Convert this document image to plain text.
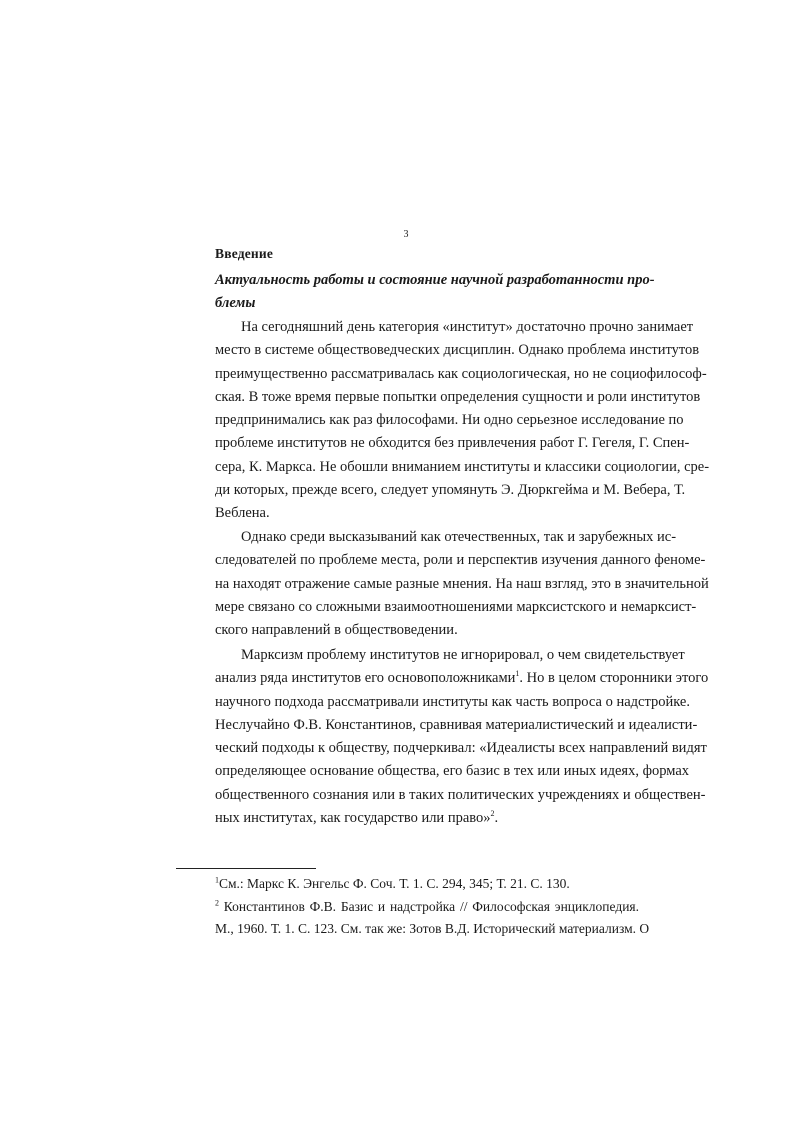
3
Введение
Актуальность работы и состояние научной разработанности про-
блемы
На сегодняшний день категория «институт» достаточно прочно занимает
место в системе обществоведческих дисциплин. Однако проблема институтов
преимущественно рассматривалась как социологическая, но не социофилософ-
ская. В тоже время первые попытки определения сущности и роли институтов
предпринимались как раз философами. Ни одно серьезное исследование по
проблеме институтов не обходится без привлечения работ Г. Гегеля, Г. Спен-
сера, К. Маркса. Не обошли вниманием институты и классики социологии, сре-
ди которых, прежде всего, следует упомянуть Э. Дюркгейма и М. Вебера, Т.
Веблена.
Однако среди высказываний как отечественных, так и зарубежных ис-
следователей по проблеме места, роли и перспектив изучения данного феноме-
на находят отражение самые разные мнения. На наш взгляд, это в значительной
мере связано со сложными взаимоотношениями марксистского и немарксист-
ского направлений в обществоведении.
Марксизм проблему институтов не игнорировал, о чем свидетельствует
анализ ряда институтов его основоположниками$^1$. Но в целом сторонники этого
научного подхода рассматривали институты как часть вопроса о надстройке.
Неслучайно Ф.В. Константинов, сравнивая материалистический и идеалисти-
ческий подходы к обществу, подчеркивал: «Идеалисты всех направлений видят
определяющее основание общества, его базис в тех или иных идеях, формах
общественного сознания или в таких политических учреждениях и обществен-
ных институтах, как государство или право»$^2$.
$^1$См.: Маркс К. Энгельс Ф. Соч. Т. 1. С. 294, 345; Т. 21. С. 130.
$^2$ Константинов Ф.В. Базис и надстройка // Философская энциклопедия.
М., 1960. Т. 1. С. 123. См. так же: Зотов В.Д. Исторический материализм. О
